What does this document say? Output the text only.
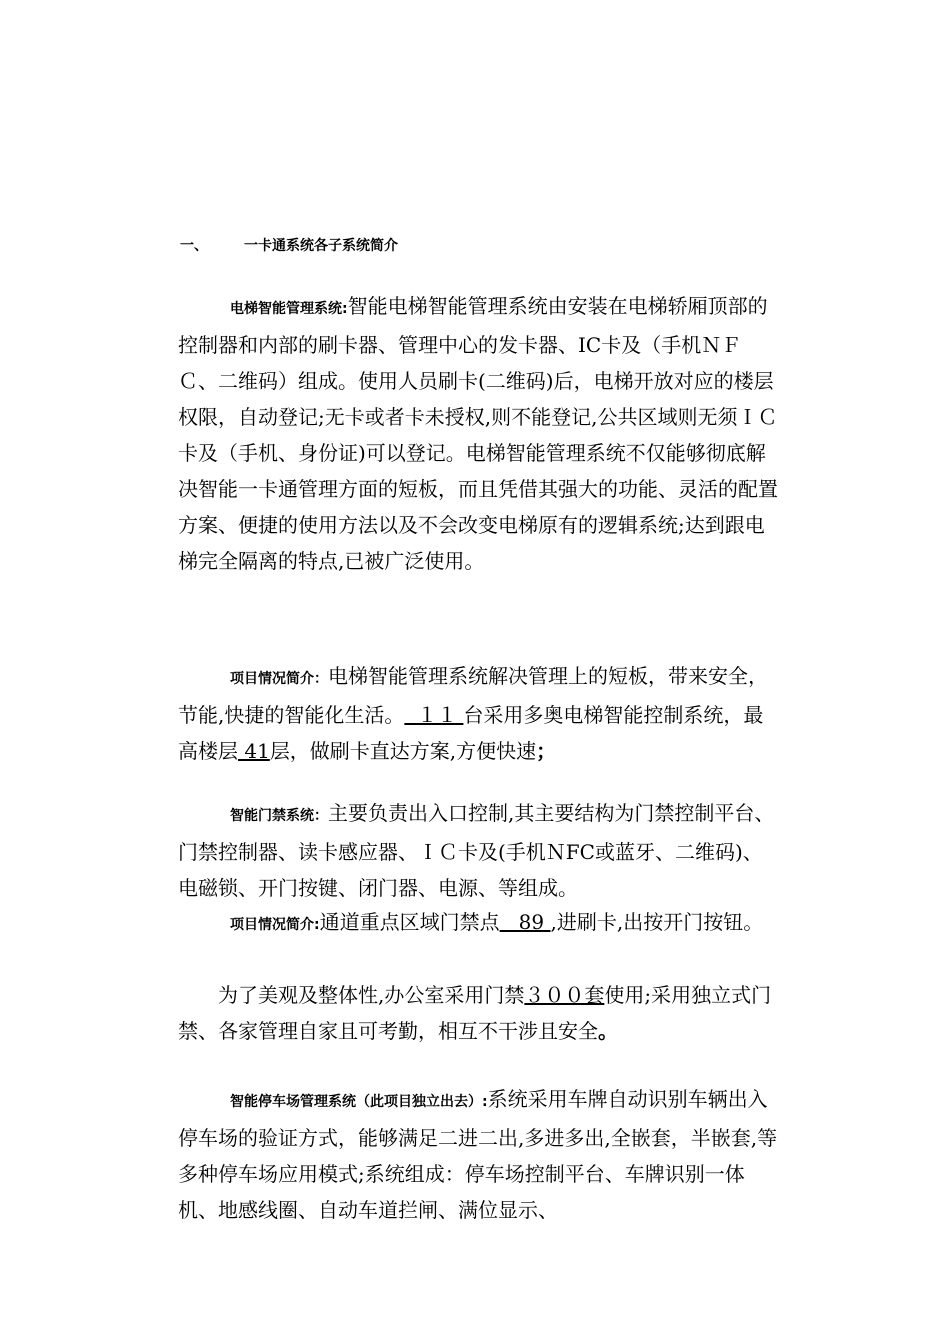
一、	一卡通系统各子系统简介

电梯智能管理系统:智能电梯智能管理系统由安装在电梯轿厢顶部的控制器和内部的刷卡器、管理中心的发卡器、IC卡及（手机ＮＦＣ、二维码）组成。使用人员刷卡(二维码)后，电梯开放对应的楼层权限，自动登记;无卡或者卡未授权,则不能登记,公共区域则无须ＩＣ卡及（手机、身份证)可以登记。电梯智能管理系统不仅能够彻底解决智能一卡通管理方面的短板，而且凭借其强大的功能、灵活的配置方案、便捷的使用方法以及不会改变电梯原有的逻辑系统;达到跟电梯完全隔离的特点,已被广泛使用。

项目情况简介：电梯智能管理系统解决管理上的短板，带来安全，节能,快捷的智能化生活。  １１ 台采用多奥电梯智能控制系统，最高楼层 41层，做刷卡直达方案,方便快速；

智能门禁系统：主要负责出入口控制,其主要结构为门禁控制平台、门禁控制器、读卡感应器、ＩＣ卡及(手机ＮFC或蓝牙、二维码)、电磁锁、开门按键、闭门器、电源、等组成。

项目情况简介:通道重点区域门禁点   89 ,进刷卡,出按开门按钮。

为了美观及整体性,办公室采用门禁３００套使用;采用独立式门禁、各家管理自家且可考勤，相互不干涉且安全。

智能停车场管理系统（此项目独立出去）:系统采用车牌自动识别车辆出入停车场的验证方式，能够满足二进二出,多进多出,全嵌套，半嵌套,等多种停车场应用模式;系统组成：停车场控制平台、车牌识别一体机、地感线圈、自动车道拦闸、满位显示、
